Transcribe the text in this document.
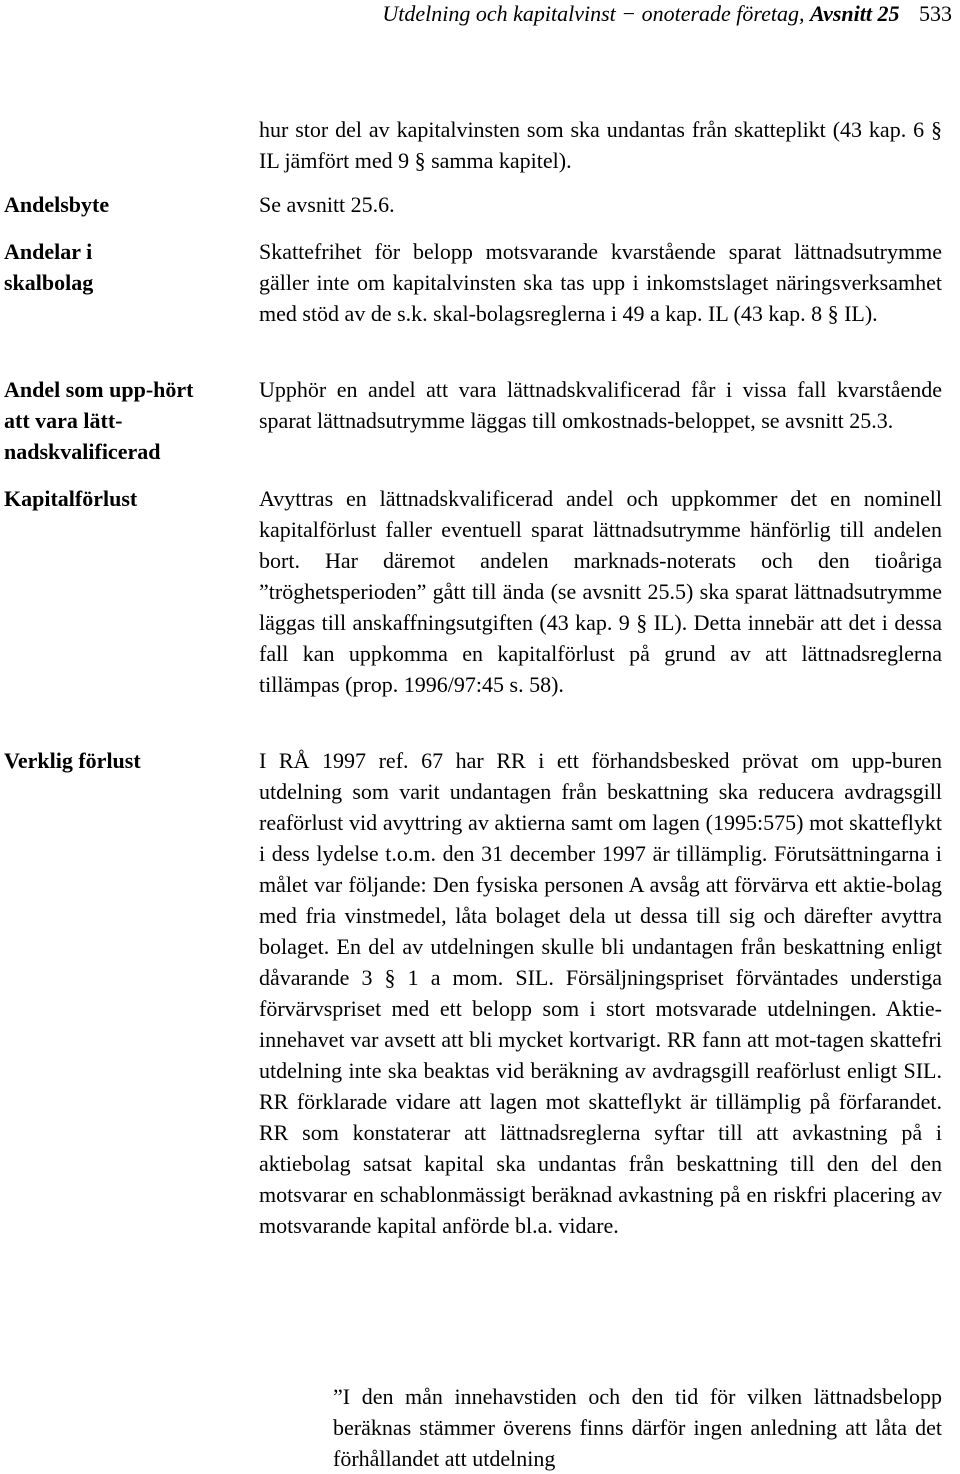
Utdelning och kapitalvinst − onoterade företag, Avsnitt 25 533
Andelsbyte
Andelar i skalbolag
Andel som upp-hört att vara lätt-nadskvalificerad
Kapitalförlust
Verklig förlust
hur stor del av kapitalvinsten som ska undantas från skatteplikt (43 kap. 6 § IL jämfört med 9 § samma kapitel).
Se avsnitt 25.6.
Skattefrihet för belopp motsvarande kvarstående sparat lättnadsutrymme gäller inte om kapitalvinsten ska tas upp i inkomstslaget näringsverksamhet med stöd av de s.k. skal-bolagsreglerna i 49 a kap. IL (43 kap. 8 § IL).
Upphör en andel att vara lättnadskvalificerad får i vissa fall kvarstående sparat lättnadsutrymme läggas till omkostnads-beloppet, se avsnitt 25.3.
Avyttras en lättnadskvalificerad andel och uppkommer det en nominell kapitalförlust faller eventuell sparat lättnadsutrymme hänförlig till andelen bort. Har däremot andelen marknads-noterats och den tioåriga ”tröghetsperioden” gått till ända (se avsnitt 25.5) ska sparat lättnadsutrymme läggas till anskaffningsutgiften (43 kap. 9 § IL). Detta innebär att det i dessa fall kan uppkomma en kapitalförlust på grund av att lättnadsreglerna tillämpas (prop. 1996/97:45 s. 58).
I RÅ 1997 ref. 67 har RR i ett förhandsbesked prövat om upp-buren utdelning som varit undantagen från beskattning ska reducera avdragsgill reaförlust vid avyttring av aktierna samt om lagen (1995:575) mot skatteflykt i dess lydelse t.o.m. den 31 december 1997 är tillämplig. Förutsättningarna i målet var följande: Den fysiska personen A avsåg att förvärva ett aktie-bolag med fria vinstmedel, låta bolaget dela ut dessa till sig och därefter avyttra bolaget. En del av utdelningen skulle bli undantagen från beskattning enligt dåvarande 3 § 1 a mom. SIL. Försäljningspriset förväntades understiga förvärvspriset med ett belopp som i stort motsvarade utdelningen. Aktie-innehavet var avsett att bli mycket kortvarigt. RR fann att mot-tagen skattefri utdelning inte ska beaktas vid beräkning av avdragsgill reaförlust enligt SIL. RR förklarade vidare att lagen mot skatteflykt är tillämplig på förfarandet. RR som konstaterar att lättnadsreglerna syftar till att avkastning på i aktiebolag satsat kapital ska undantas från beskattning till den del den motsvarar en schablonmässigt beräknad avkastning på en riskfri placering av motsvarande kapital anförde bl.a. vidare.
”I den mån innehavstiden och den tid för vilken lättnadsbelopp beräknas stämmer överens finns därför ingen anledning att låta det förhållandet att utdelning
